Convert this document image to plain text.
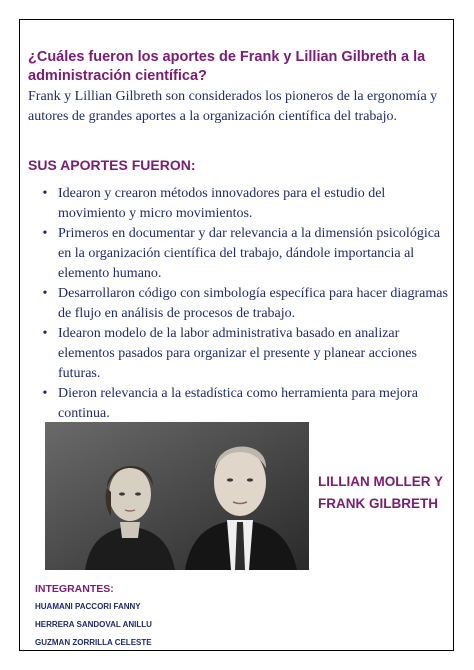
¿Cuáles fueron los aportes de Frank y Lillian Gilbreth a la administración científica?

Frank y Lillian Gilbreth son considerados los pioneros de la ergonomía y autores de grandes aportes a la organización científica del trabajo.

SUS APORTES FUERON:
• Idearon y crearon métodos innovadores para el estudio del movimiento y micro movimientos.
• Primeros en documentar y dar relevancia a la dimensión psicológica en la organización científica del trabajo, dándole importancia al elemento humano.
• Desarrollaron código con simbología específica para hacer diagramas de flujo en análisis de procesos de trabajo.
• Idearon modelo de la labor administrativa basado en analizar elementos pasados para organizar el presente y planear acciones futuras.
• Dieron relevancia a la estadística como herramienta para mejora continua.

LILLIAN MOLLER Y FRANK GILBRETH

INTEGRANTES:
HUAMANI PACCORI FANNY
HERRERA SANDOVAL ANILLU
GUZMAN ZORRILLA CELESTE
